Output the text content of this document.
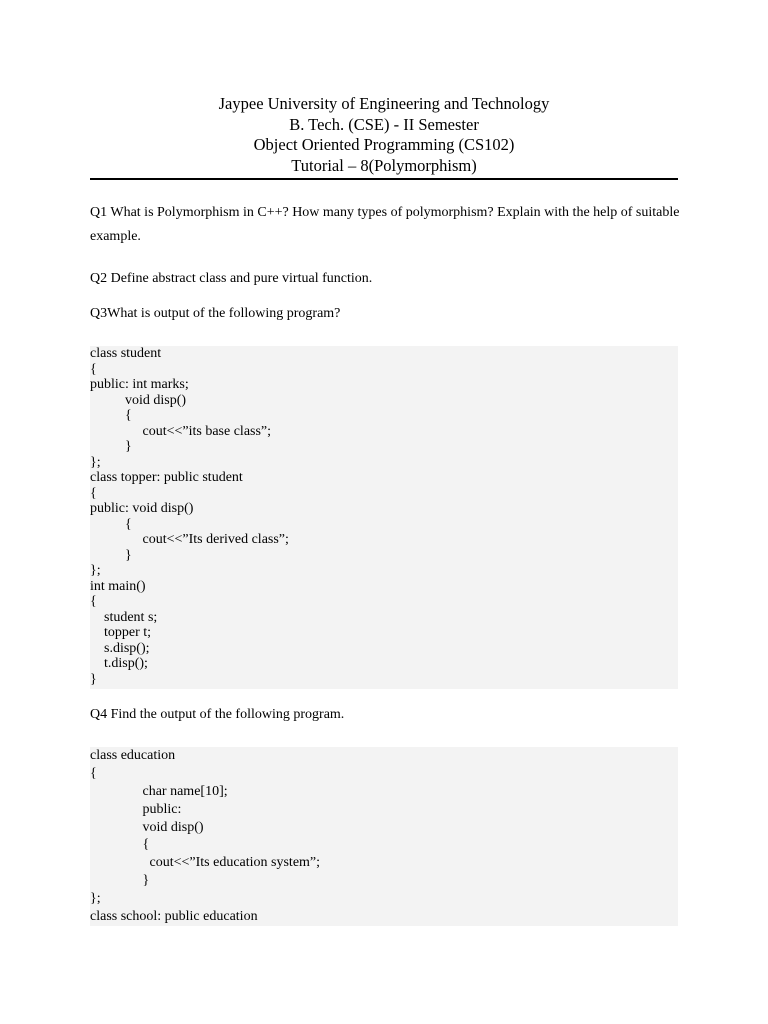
Jaypee University of Engineering and Technology
B. Tech. (CSE) - II Semester
Object Oriented Programming (CS102)
Tutorial – 8(Polymorphism)
Q1 What is Polymorphism in C++? How many types of polymorphism? Explain with the help of suitable example.
Q2 Define abstract class and pure virtual function.
Q3What is output of the following program?
class student
{
public: int marks;
void disp()
{
cout<<”its base class”;
}
};
class topper: public student
{
public: void disp()
{
cout<<”Its derived class”;
}
};
int main()
{
student s;
topper t;
s.disp();
t.disp();
}
Q4 Find the output of the following program.
class education
{
char name[10];
public:
void disp()
{
cout<<”Its education system”;
}
};
class school: public education
